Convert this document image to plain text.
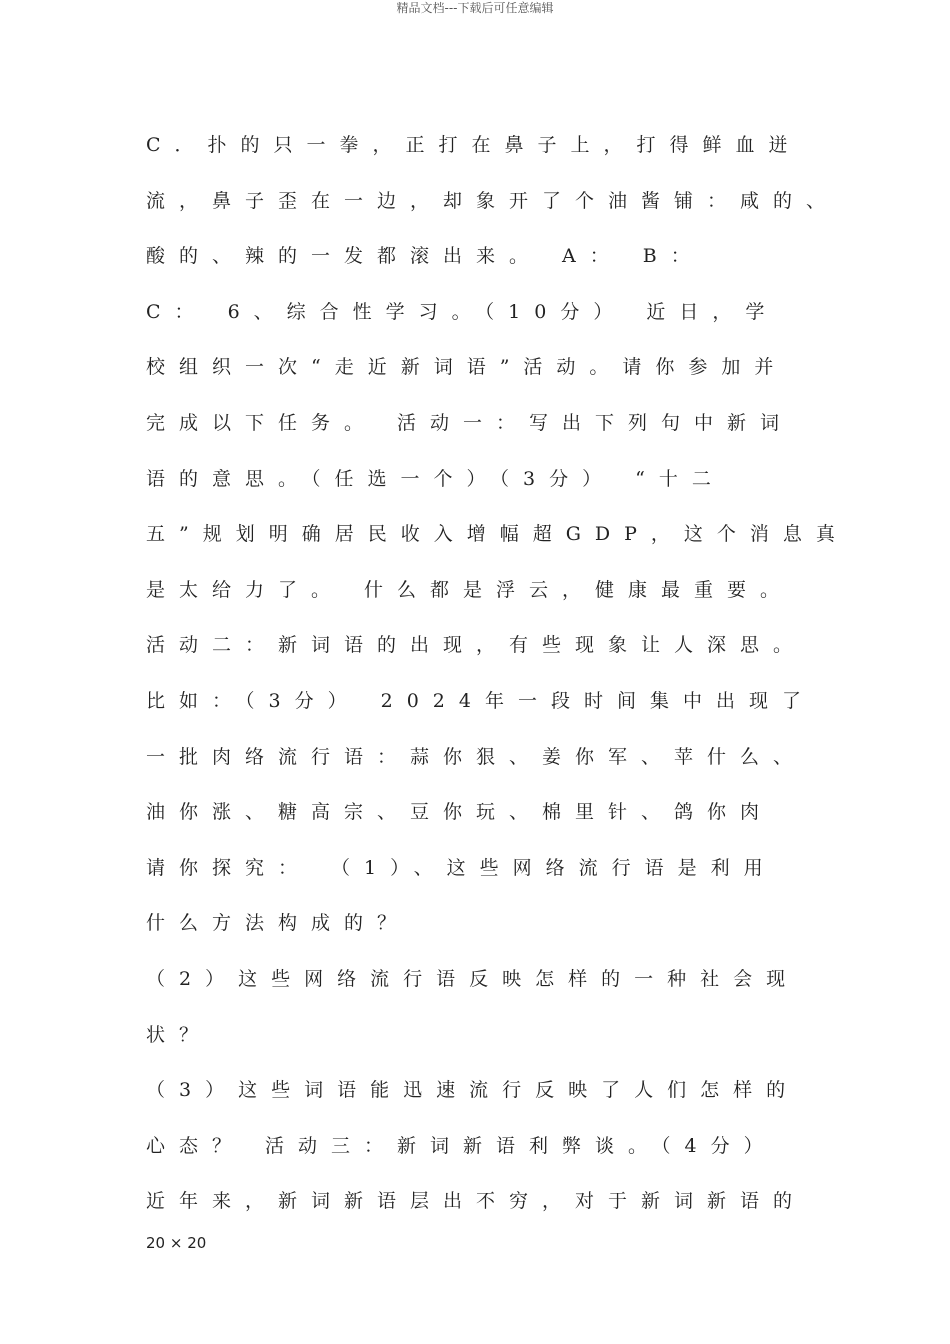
精品文档---下载后可任意编辑
C．扑的只一拳，正打在鼻子上，打得鲜血迸
流，鼻子歪在一边，却象开了个油酱铺：咸的、
酸的、辣的一发都滚出来。 A： B：
C： 6、综合性学习。（10分） 近日，学
校组织一次“走近新词语”活动。请你参加并
完成以下任务。 活动一：写出下列句中新词
语的意思。（任选一个）（3分） “十二
五”规划明确居民收入增幅超GDP，这个消息真
是太给力了。 什么都是浮云，健康最重要。
活动二：新词语的出现，有些现象让人深思。
比如：（3分） 2024年一段时间集中出现了
一批肉络流行语：蒜你狠、姜你军、苹什么、
油你涨、糖高宗、豆你玩、棉里针、鸽你肉
请你探究： （1）、这些网络流行语是利用
什么方法构成的？
（2）这些网络流行语反映怎样的一种社会现
状？
（3）这些词语能迅速流行反映了人们怎样的
心态？ 活动三：新词新语利弊谈。（4分）
近年来，新词新语层出不穷，对于新词新语的
20 × 20
